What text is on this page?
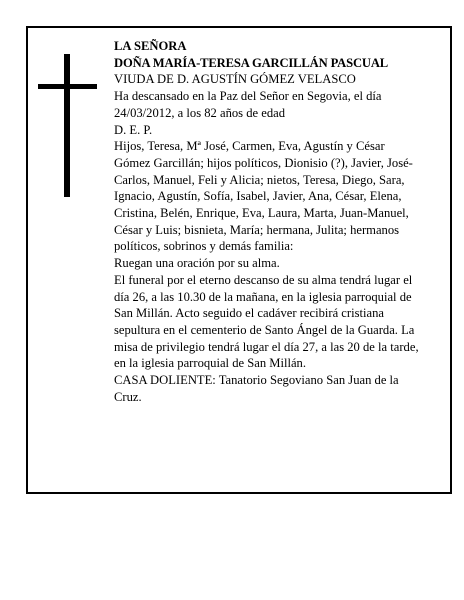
LA SEÑORA

DOÑA MARÍA-TERESA GARCILLÁN PASCUAL

VIUDA DE D. AGUSTÍN GÓMEZ VELASCO

Ha descansado en la Paz del Señor en Segovia, el día 24/03/2012, a los 82 años de edad

D. E. P.

Hijos, Teresa, Mª José, Carmen, Eva, Agustín y César Gómez Garcillán; hijos políticos, Dionisio (?), Javier, José-Carlos, Manuel, Feli y Alicia; nietos, Teresa, Diego, Sara, Ignacio, Agustín, Sofía, Isabel, Javier, Ana, César, Elena, Cristina, Belén, Enrique, Eva, Laura, Marta, Juan-Manuel, César y Luis; bisnieta, María; hermana, Julita; hermanos políticos, sobrinos y demás familia:

Ruegan una oración por su alma.

El funeral por el eterno descanso de su alma tendrá lugar el día 26, a las 10.30 de la mañana, en la iglesia parroquial de San Millán. Acto seguido el cadáver recibirá cristiana sepultura en el cementerio de Santo Ángel de la Guarda. La misa de privilegio tendrá lugar el día 27, a las 20 de la tarde, en la iglesia parroquial de San Millán.

CASA DOLIENTE: Tanatorio Segoviano San Juan de la Cruz.
